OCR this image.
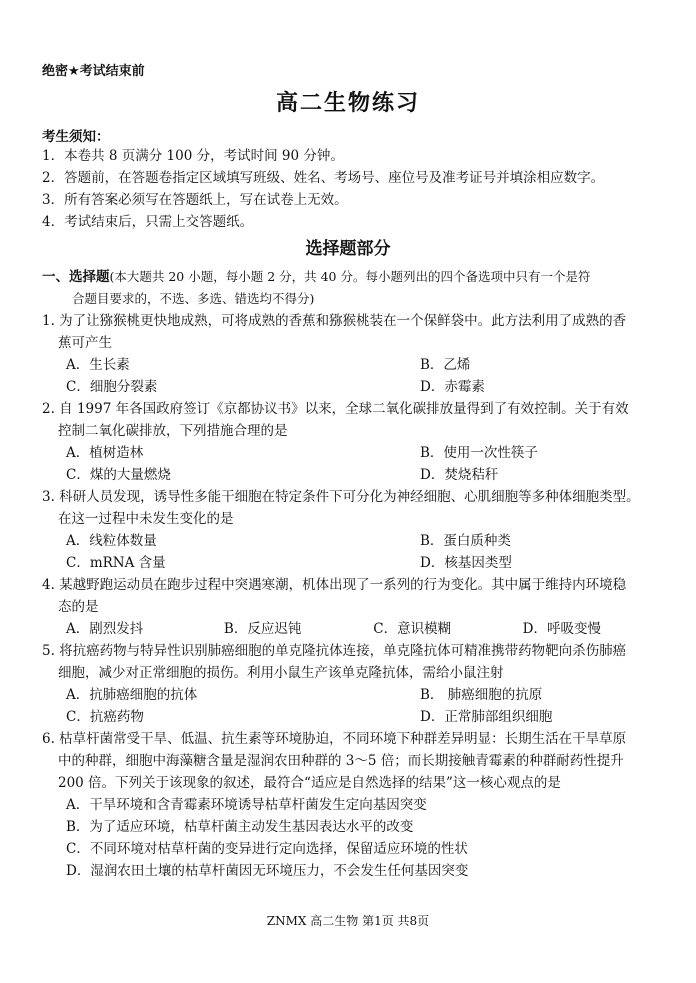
绝密★考试结束前
高二生物练习
考生须知：
1．本卷共 8 页满分 100 分，考试时间 90 分钟。
2．答题前，在答题卷指定区域填写班级、姓名、考场号、座位号及准考证号并填涂相应数字。
3．所有答案必须写在答题纸上，写在试卷上无效。
4．考试结束后，只需上交答题纸。
选择题部分
一、选择题(本大题共 20 小题，每小题 2 分，共 40 分。每小题列出的四个备选项中只有一个是符
合题目要求的，不选、多选、错选均不得分)
1. 为了让猕猴桃更快地成熟，可将成熟的香蕉和猕猴桃装在一个保鲜袋中。此方法利用了成熟的香
蕉可产生
A．生长素	B．乙烯
C．细胞分裂素	D．赤霉素
2. 自 1997 年各国政府签订《京都协议书》以来，全球二氧化碳排放量得到了有效控制。关于有效
控制二氧化碳排放，下列措施合理的是
A．植树造林	B．使用一次性筷子
C．煤的大量燃烧	D．焚烧秸秆
3. 科研人员发现，诱导性多能干细胞在特定条件下可分化为神经细胞、心肌细胞等多种体细胞类型。
在这一过程中未发生变化的是
A．线粒体数量	B．蛋白质种类
C．mRNA 含量	D．核基因类型
4. 某越野跑运动员在跑步过程中突遇寒潮，机体出现了一系列的行为变化。其中属于维持内环境稳
态的是
A．剧烈发抖	B．反应迟钝	C．意识模糊	D．呼吸变慢
5. 将抗癌药物与特异性识别肺癌细胞的单克隆抗体连接，单克隆抗体可精准携带药物靶向杀伤肺癌
细胞，减少对正常细胞的损伤。利用小鼠生产该单克隆抗体，需给小鼠注射
A．抗肺癌细胞的抗体	B． 肺癌细胞的抗原
C．抗癌药物	D．正常肺部组织细胞
6. 枯草杆菌常受干旱、低温、抗生素等环境胁迫，不同环境下种群差异明显：长期生活在干旱草原
中的种群，细胞中海藻糖含量是湿润农田种群的 3～5 倍；而长期接触青霉素的种群耐药性提升
200 倍。下列关于该现象的叙述，最符合“适应是自然选择的结果”这一核心观点的是
A．干旱环境和含青霉素环境诱导枯草杆菌发生定向基因突变
B．为了适应环境，枯草杆菌主动发生基因表达水平的改变
C．不同环境对枯草杆菌的变异进行定向选择，保留适应环境的性状
D．湿润农田土壤的枯草杆菌因无环境压力，不会发生任何基因突变
ZNMX 高二生物 第1页 共8页
